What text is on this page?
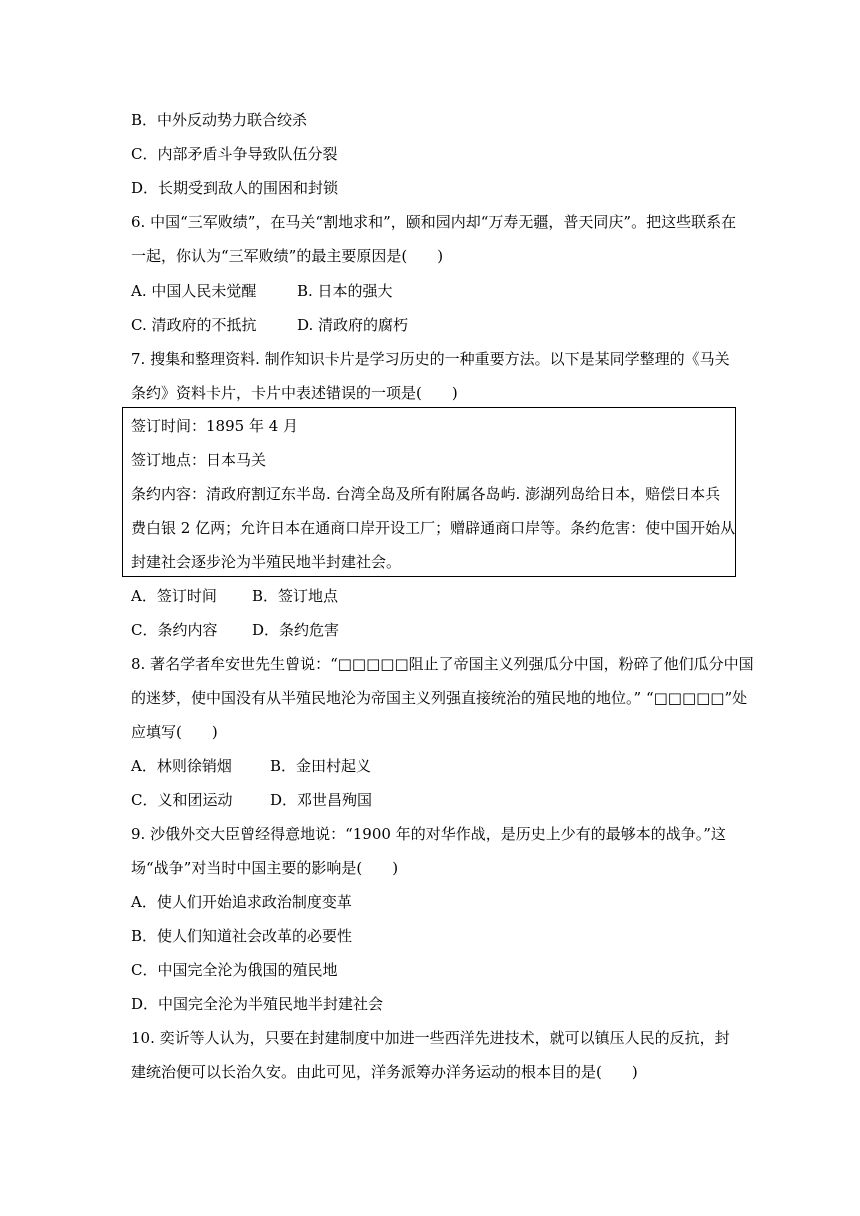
B．中外反动势力联合绞杀
C．内部矛盾斗争导致队伍分裂
D．长期受到敌人的围困和封锁
6. 中国“三军败绩”，在马关“割地求和”，颐和园内却“万寿无疆，普天同庆”。把这些联系在
一起，你认为“三军败绩”的最主要原因是(　　)
A. 中国人民未觉醒	B. 日本的强大
C. 清政府的不抵抗	D. 清政府的腐朽
7. 搜集和整理资料. 制作知识卡片是学习历史的一种重要方法。以下是某同学整理的《马关
条约》资料卡片，卡片中表述错误的一项是(　　)
签订时间：1895 年 4 月
签订地点：日本马关
条约内容：清政府割辽东半岛. 台湾全岛及所有附属各岛屿. 澎湖列岛给日本，赔偿日本兵
费白银 2 亿两；允许日本在通商口岸开设工厂；赠辟通商口岸等。条约危害：使中国开始从
封建社会逐步沦为半殖民地半封建社会。
A．签订时间 B．签订地点
C．条约内容 D．条约危害
8. 著名学者牟安世先生曾说：“□□□□□阻止了帝国主义列强瓜分中国，粉碎了他们瓜分中国
的迷梦，使中国没有从半殖民地沦为帝国主义列强直接统治的殖民地的地位。” “□□□□□”处
应填写(　　)
A．林则徐销烟	B．金田村起义
C．义和团运动	D．邓世昌殉国
9. 沙俄外交大臣曾经得意地说：“1900 年的对华作战，是历史上少有的最够本的战争。”这
场“战争”对当时中国主要的影响是(　　)
A．使人们开始追求政治制度变革
B．使人们知道社会改革的必要性
C．中国完全沦为俄国的殖民地
D．中国完全沦为半殖民地半封建社会
10. 奕䜣等人认为，只要在封建制度中加进一些西洋先进技术，就可以镇压人民的反抗，封
建统治便可以长治久安。由此可见，洋务派筹办洋务运动的根本目的是(　　)
